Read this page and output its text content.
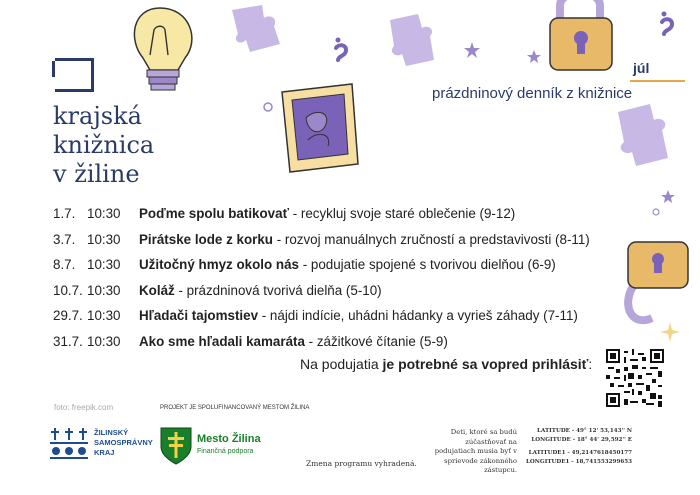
krajská
knižnica
v žiline
júl
prázdninový denník z knižnice
1.7. 10:30	Poďme spolu batikovať - recykluj svoje staré oblečenie (9-12)
3.7. 10:30	Pirátske lode z korku - rozvoj manuálnych zručností a predstavivosti (8-11)
8.7. 10:30	Užitočný hmyz okolo nás - podujatie spojené s tvorivou dielňou (6-9)
10.7. 10:30	Koláž - prázdninová tvorivá dielňa (5-10)
29.7. 10:30	Hľadači tajomstiev - nájdi indície, uhádni hádanky a vyrieš záhady (7-11)
31.7. 10:30	Ako sme hľadali kamaráta - zážitkové čítanie (5-9)
Na podujatia je potrebné sa vopred prihlásiť:
foto: freepik.com	PROJEKT JE SPOLUFINANCOVANÝ MESTOM ŽILINA
ŽILINSKÝ
SAMOSPRÁVNY
KRAJ
Mesto Žilina
Finančná podpora
Zmena programu vyhradená.
Deti, ktoré sa budú zúčastňovať na podujatiach musia byť v sprievode zákonného zástupcu.
LATITUDE - 49° 12' 53,143'' N
LONGITUDE - 18° 44' 29,592'' E
LATITUDE1 - 49,2147618450177
LONGITUDE1 - 18,741553299653
